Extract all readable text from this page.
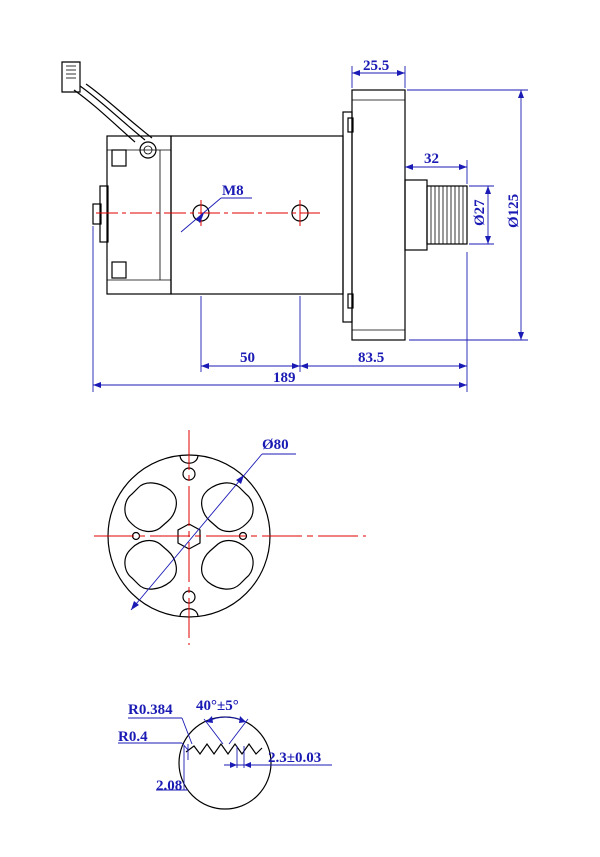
25.5
32
Ø27 Ø125
M8
50	83.5
189
Ø80
40°±5°
R0.384
R0.4
2.08
2.3±0.03
